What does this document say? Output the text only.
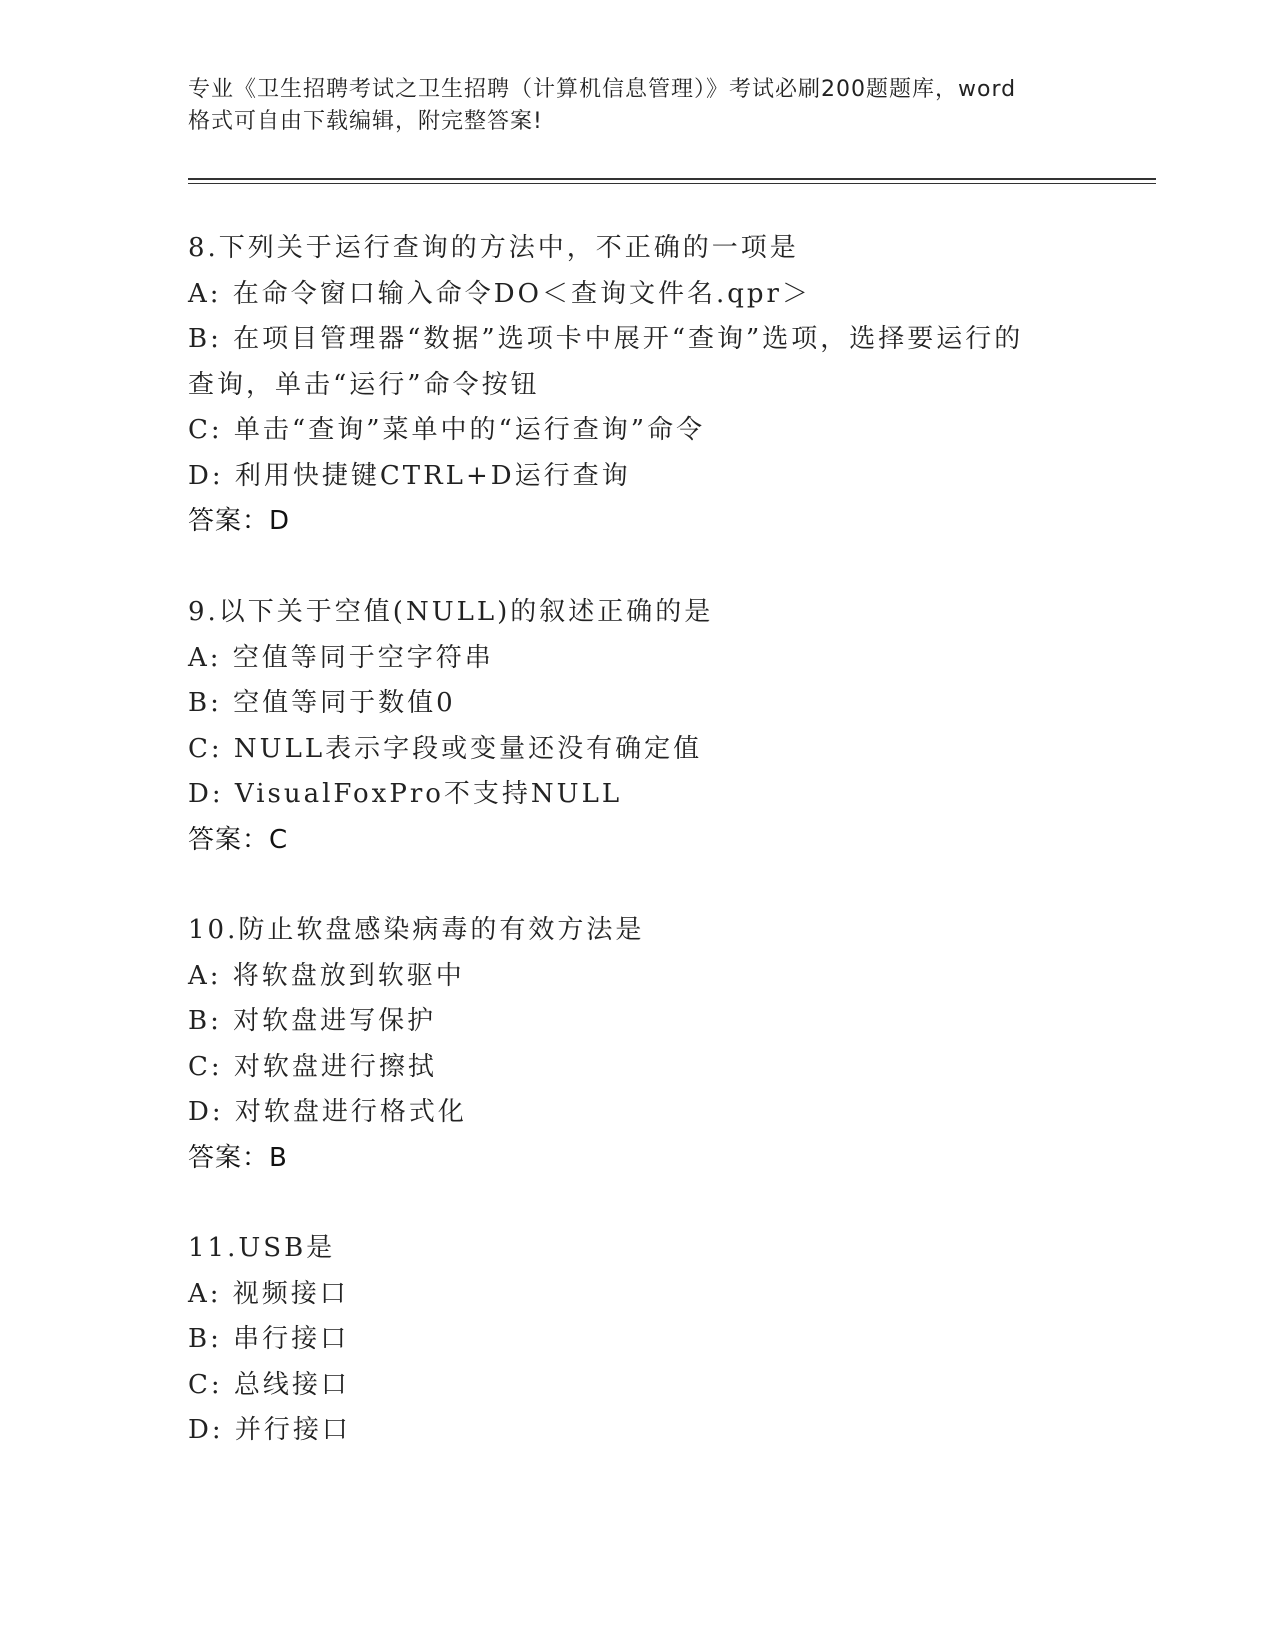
专业《卫生招聘考试之卫生招聘（计算机信息管理）》考试必刷200题题库，word
格式可自由下载编辑，附完整答案!
8.下列关于运行查询的方法中，不正确的一项是
A: 在命令窗口输入命令DO＜查询文件名.qpr＞
B: 在项目管理器“数据”选项卡中展开“查询”选项，选择要运行的
查询，单击“运行”命令按钮
C: 单击“查询”菜单中的“运行查询”命令
D: 利用快捷键CTRL+D运行查询
答案：D
9.以下关于空值(NULL)的叙述正确的是
A: 空值等同于空字符串
B: 空值等同于数值0
C: NULL表示字段或变量还没有确定值
D: VisualFoxPro不支持NULL
答案：C
10.防止软盘感染病毒的有效方法是
A: 将软盘放到软驱中
B: 对软盘进写保护
C: 对软盘进行擦拭
D: 对软盘进行格式化
答案：B
11.USB是
A: 视频接口
B: 串行接口
C: 总线接口
D: 并行接口
